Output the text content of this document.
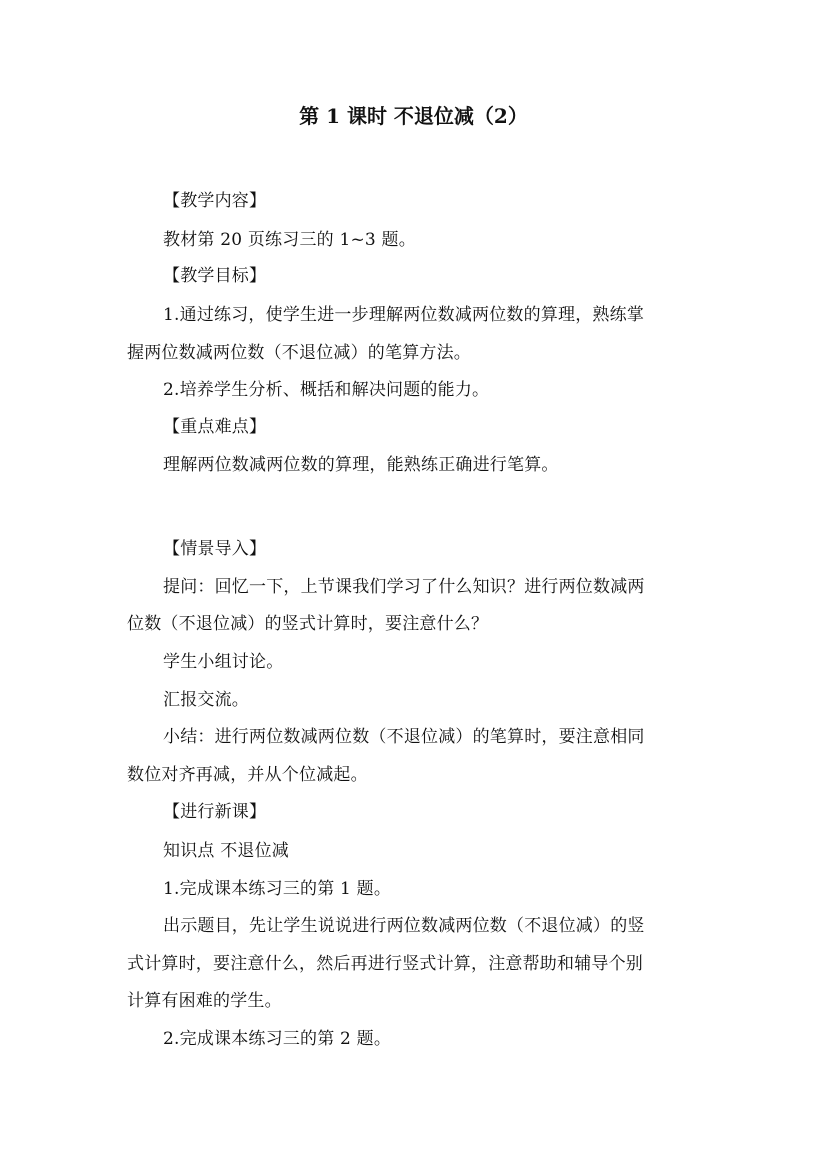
第 1 课时 不退位减（2）
【教学内容】
教材第 20 页练习三的 1~3 题。
【教学目标】
1.通过练习，使学生进一步理解两位数减两位数的算理，熟练掌
握两位数减两位数（不退位减）的笔算方法。
2.培养学生分析、概括和解决问题的能力。
【重点难点】
理解两位数减两位数的算理，能熟练正确进行笔算。
【情景导入】
提问：回忆一下，上节课我们学习了什么知识？进行两位数减两
位数（不退位减）的竖式计算时，要注意什么？
学生小组讨论。
汇报交流。
小结：进行两位数减两位数（不退位减）的笔算时，要注意相同
数位对齐再减，并从个位减起。
【进行新课】
知识点 不退位减
1.完成课本练习三的第 1 题。
出示题目，先让学生说说进行两位数减两位数（不退位减）的竖
式计算时，要注意什么，然后再进行竖式计算，注意帮助和辅导个别
计算有困难的学生。
2.完成课本练习三的第 2 题。
